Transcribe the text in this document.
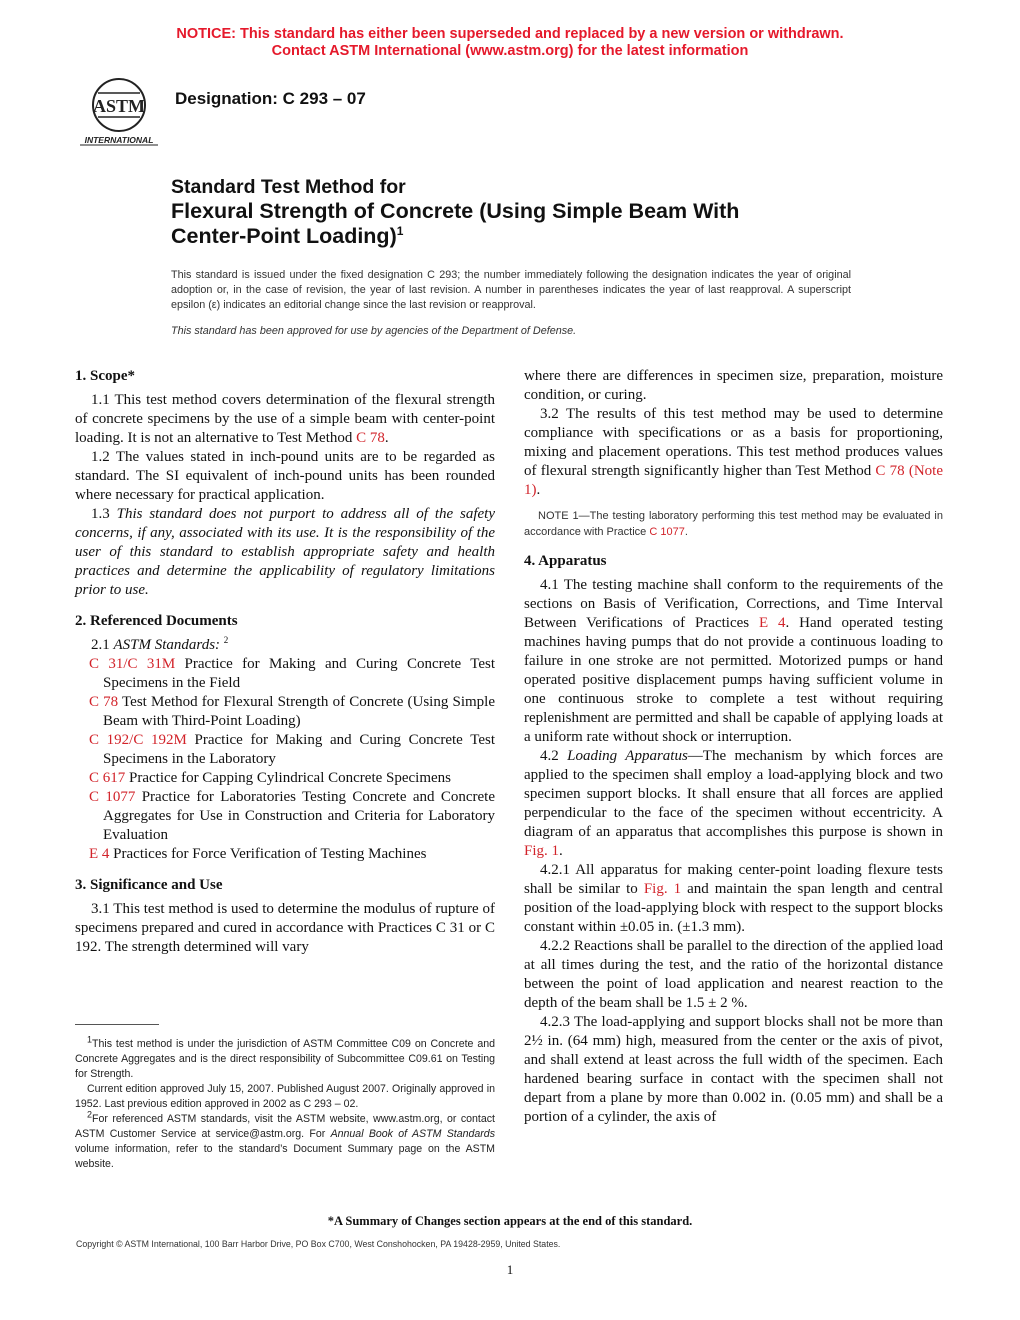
NOTICE: This standard has either been superseded and replaced by a new version or withdrawn.
Contact ASTM International (www.astm.org) for the latest information
ASTM
INTERNATIONAL
Designation: C 293 – 07
Standard Test Method for
Flexural Strength of Concrete (Using Simple Beam With
Center-Point Loading)$^1$
This standard is issued under the fixed designation C 293; the number immediately following the designation indicates the year of original adoption or, in the case of revision, the year of last revision. A number in parentheses indicates the year of last reapproval. A superscript epsilon (ε) indicates an editorial change since the last revision or reapproval.
This standard has been approved for use by agencies of the Department of Defense.
1. Scope*

1.1 This test method covers determination of the flexural strength of concrete specimens by the use of a simple beam with center-point loading. It is not an alternative to Test Method C 78.

1.2 The values stated in inch-pound units are to be regarded as standard. The SI equivalent of inch-pound units has been rounded where necessary for practical application.

1.3 This standard does not purport to address all of the safety concerns, if any, associated with its use. It is the responsibility of the user of this standard to establish appropriate safety and health practices and determine the applicability of regulatory limitations prior to use.

2. Referenced Documents

2.1 ASTM Standards: $^2$

C 31/C 31M Practice for Making and Curing Concrete Test Specimens in the Field

C 78 Test Method for Flexural Strength of Concrete (Using Simple Beam with Third-Point Loading)

C 192/C 192M Practice for Making and Curing Concrete Test Specimens in the Laboratory

C 617 Practice for Capping Cylindrical Concrete Specimens

C 1077 Practice for Laboratories Testing Concrete and Concrete Aggregates for Use in Construction and Criteria for Laboratory Evaluation

E 4 Practices for Force Verification of Testing Machines

3. Significance and Use

3.1 This test method is used to determine the modulus of rupture of specimens prepared and cured in accordance with Practices C 31 or C 192. The strength determined will vary

$^1$This test method is under the jurisdiction of ASTM Committee C09 on Concrete and Concrete Aggregates and is the direct responsibility of Subcommittee C09.61 on Testing for Strength.

Current edition approved July 15, 2007. Published August 2007. Originally approved in 1952. Last previous edition approved in 2002 as C 293 – 02.

$^2$For referenced ASTM standards, visit the ASTM website, www.astm.org, or contact ASTM Customer Service at service@astm.org. For Annual Book of ASTM Standards volume information, refer to the standard’s Document Summary page on the ASTM website.

where there are differences in specimen size, preparation, moisture condition, or curing.

3.2 The results of this test method may be used to determine compliance with specifications or as a basis for proportioning, mixing and placement operations. This test method produces values of flexural strength significantly higher than Test Method C 78 (Note 1).

NOTE 1—The testing laboratory performing this test method may be evaluated in accordance with Practice C 1077.

4. Apparatus

4.1 The testing machine shall conform to the requirements of the sections on Basis of Verification, Corrections, and Time Interval Between Verifications of Practices E 4. Hand operated testing machines having pumps that do not provide a continuous loading to failure in one stroke are not permitted. Motorized pumps or hand operated positive displacement pumps having sufficient volume in one continuous stroke to complete a test without requiring replenishment are permitted and shall be capable of applying loads at a uniform rate without shock or interruption.

4.2 Loading Apparatus—The mechanism by which forces are applied to the specimen shall employ a load-applying block and two specimen support blocks. It shall ensure that all forces are applied perpendicular to the face of the specimen without eccentricity. A diagram of an apparatus that accomplishes this purpose is shown in Fig. 1.

4.2.1 All apparatus for making center-point loading flexure tests shall be similar to Fig. 1 and maintain the span length and central position of the load-applying block with respect to the support blocks constant within ±0.05 in. (±1.3 mm).

4.2.2 Reactions shall be parallel to the direction of the applied load at all times during the test, and the ratio of the horizontal distance between the point of load application and nearest reaction to the depth of the beam shall be 1.5 ± 2 %.

4.2.3 The load-applying and support blocks shall not be more than 2½ in. (64 mm) high, measured from the center or the axis of pivot, and shall extend at least across the full width of the specimen. Each hardened bearing surface in contact with the specimen shall not depart from a plane by more than 0.002 in. (0.05 mm) and shall be a portion of a cylinder, the axis of

*A Summary of Changes section appears at the end of this standard.
Copyright © ASTM International, 100 Barr Harbor Drive, PO Box C700, West Conshohocken, PA 19428-2959, United States.
1
